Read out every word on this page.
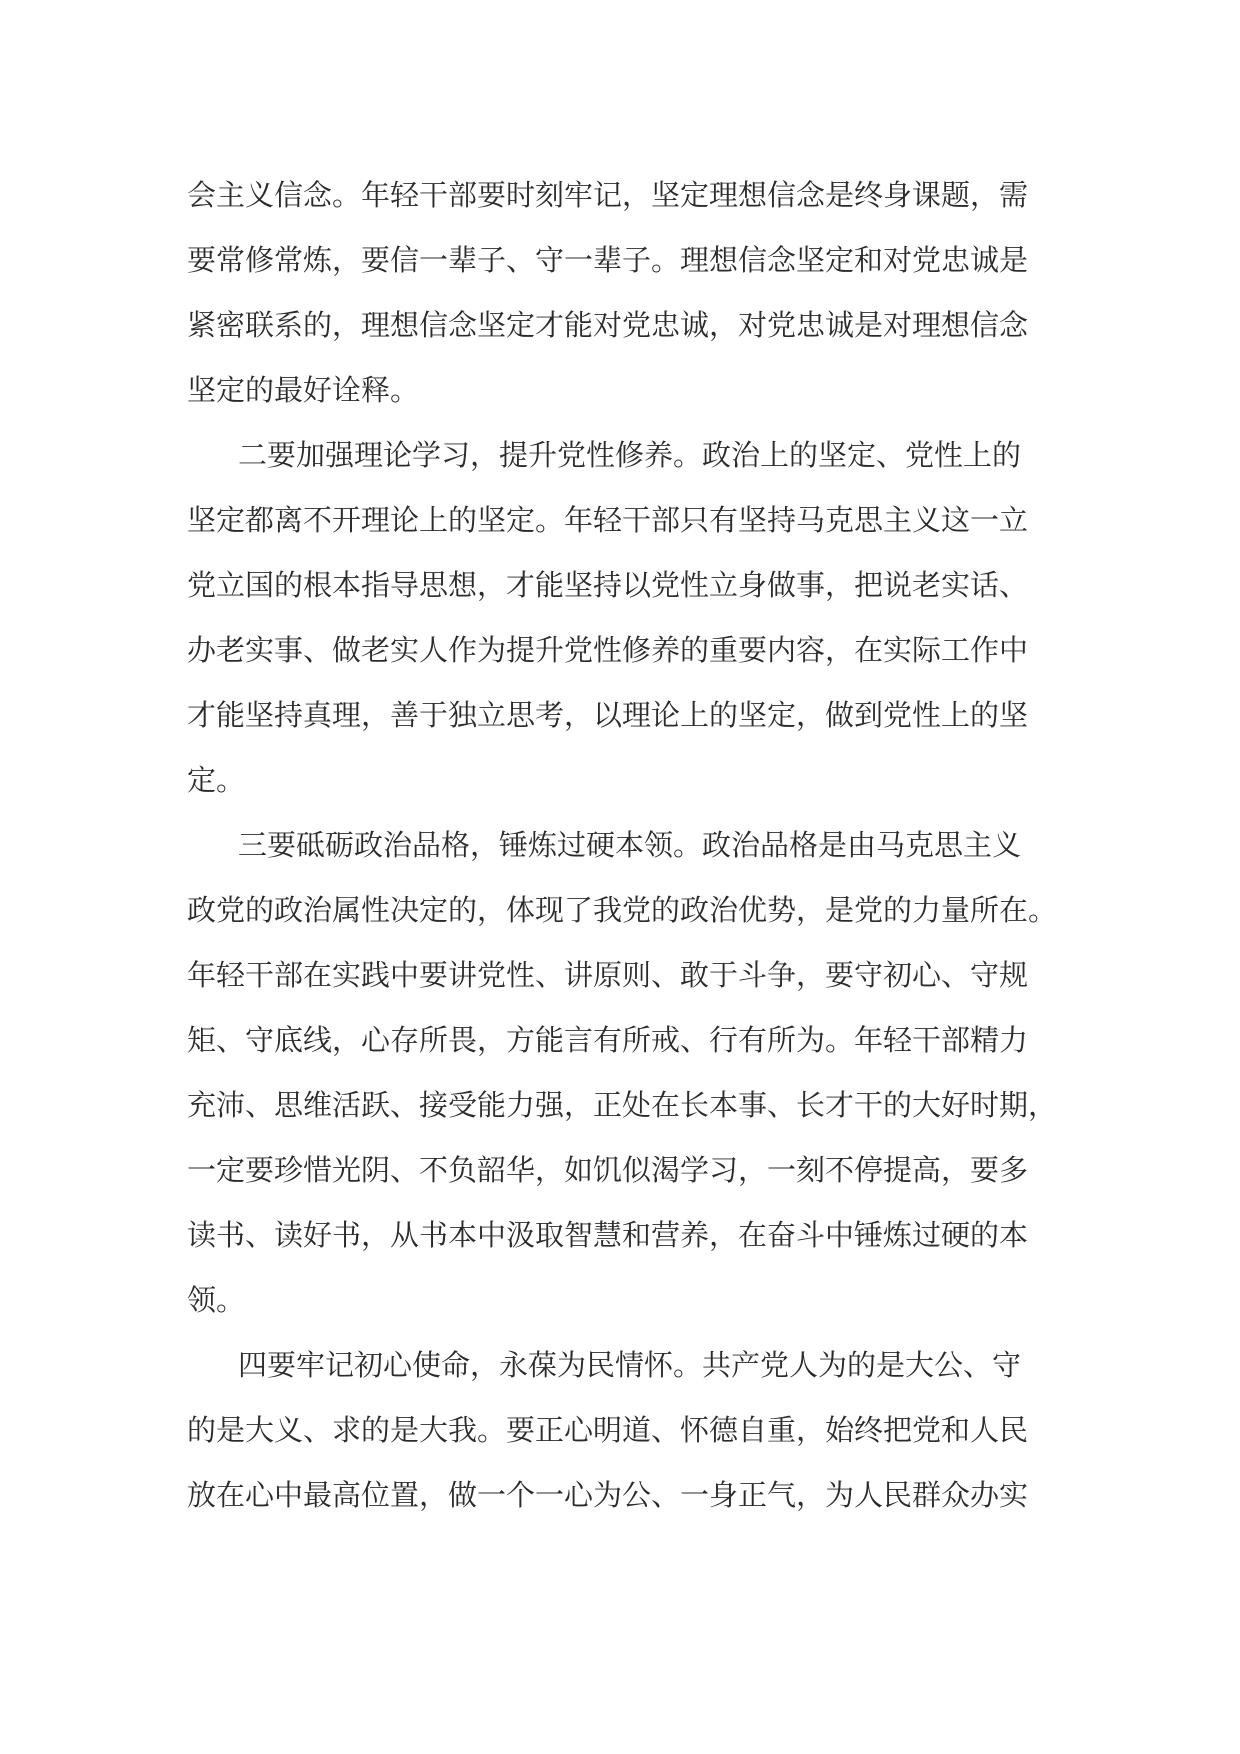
会主义信念。年轻干部要时刻牢记，坚定理想信念是终身课题，需
要常修常炼，要信一辈子、守一辈子。理想信念坚定和对党忠诚是
紧密联系的，理想信念坚定才能对党忠诚，对党忠诚是对理想信念
坚定的最好诠释。
二要加强理论学习，提升党性修养。政治上的坚定、党性上的
坚定都离不开理论上的坚定。年轻干部只有坚持马克思主义这一立
党立国的根本指导思想，才能坚持以党性立身做事，把说老实话、
办老实事、做老实人作为提升党性修养的重要内容，在实际工作中
才能坚持真理，善于独立思考，以理论上的坚定，做到党性上的坚
定。
三要砥砺政治品格，锤炼过硬本领。政治品格是由马克思主义
政党的政治属性决定的，体现了我党的政治优势，是党的力量所在。
年轻干部在实践中要讲党性、讲原则、敢于斗争，要守初心、守规
矩、守底线，心存所畏，方能言有所戒、行有所为。年轻干部精力
充沛、思维活跃、接受能力强，正处在长本事、长才干的大好时期，
一定要珍惜光阴、不负韶华，如饥似渴学习，一刻不停提高，要多
读书、读好书，从书本中汲取智慧和营养，在奋斗中锤炼过硬的本
领。
四要牢记初心使命，永葆为民情怀。共产党人为的是大公、守
的是大义、求的是大我。要正心明道、怀德自重，始终把党和人民
放在心中最高位置，做一个一心为公、一身正气，为人民群众办实
